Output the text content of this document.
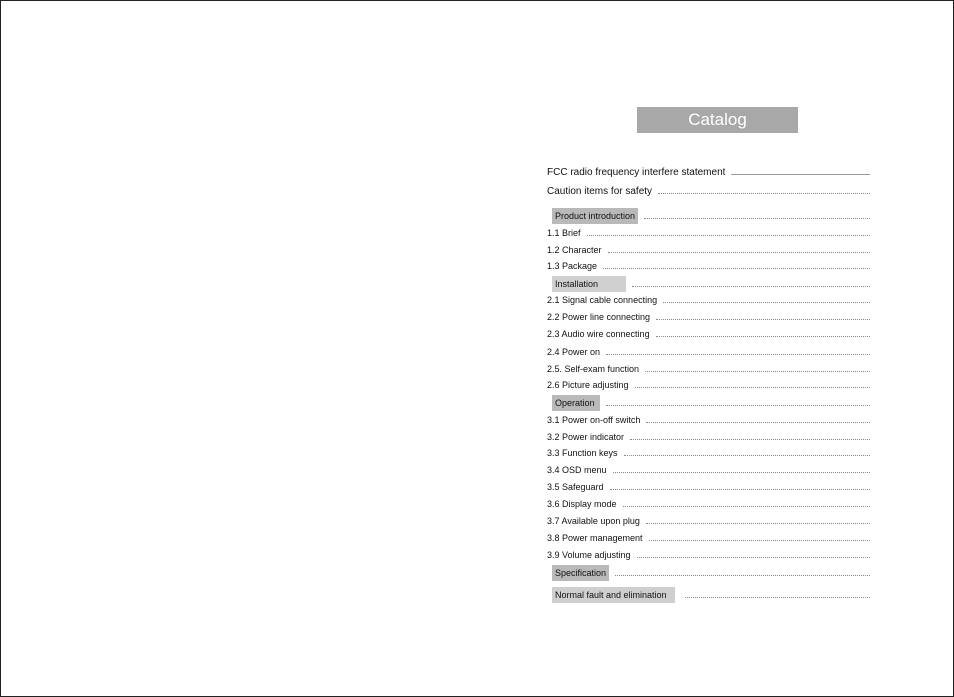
Catalog
FCC radio frequency interfere statement
Caution items for safety
Product introduction
1.1 Brief
1.2 Character
1.3 Package
Installation
2.1 Signal cable connecting
2.2 Power line connecting
2.3 Audio wire connecting
2.4 Power on
2.5. Self-exam function
2.6 Picture adjusting
Operation
3.1 Power on-off switch
3.2 Power indicator
3.3 Function keys
3.4 OSD menu
3.5 Safeguard
3.6 Display mode
3.7 Available upon plug
3.8 Power management
3.9 Volume adjusting
Specification
Normal fault and elimination
